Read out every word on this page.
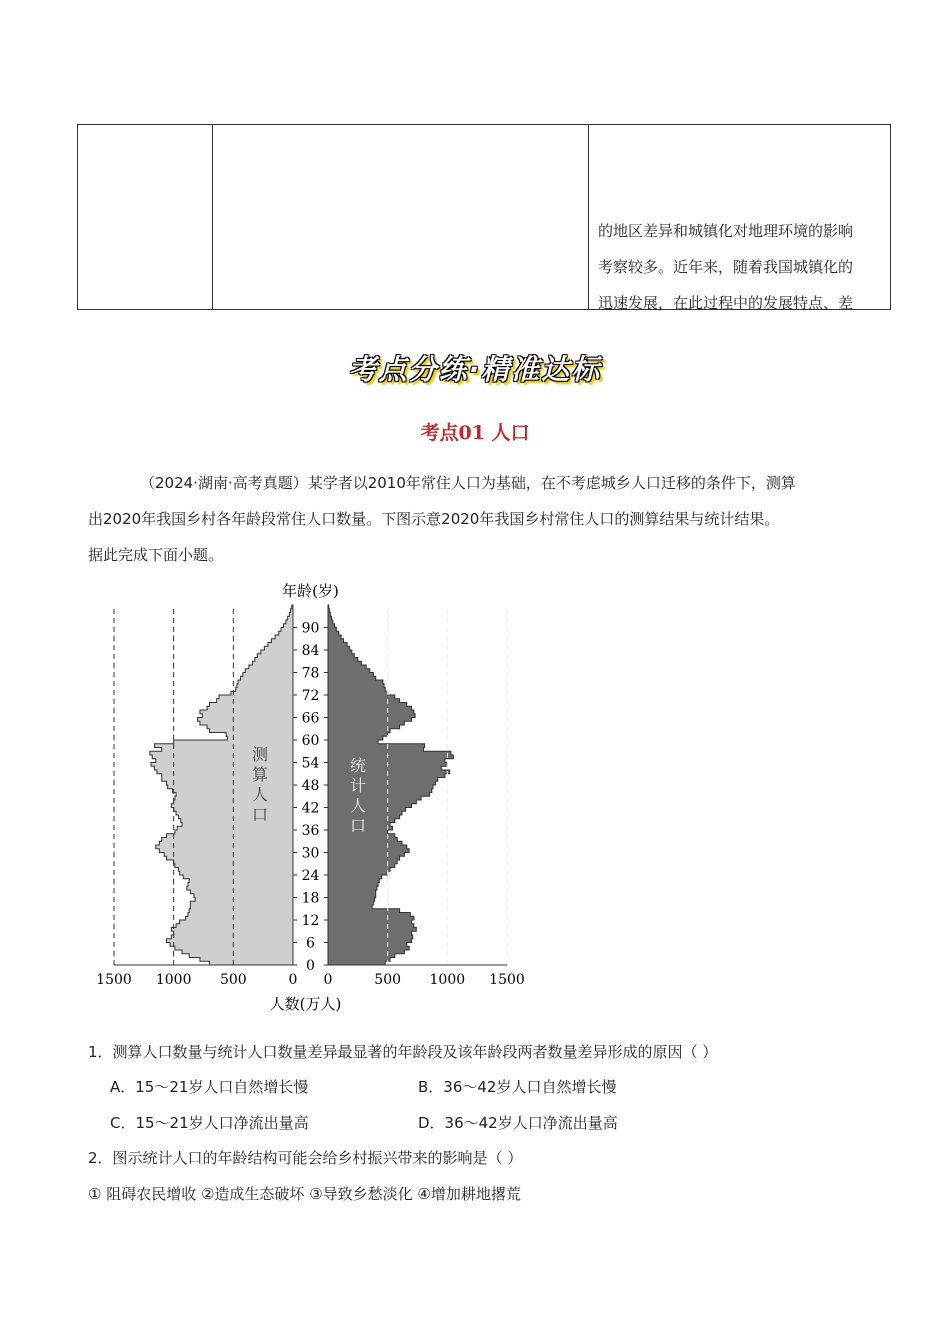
的地区差异和城镇化对地理环境的影响
考察较多。近年来，随着我国城镇化的
迅速发展，在此过程中的发展特点、差
考点分练·精准达标
考点01 人口

（2024·湖南·高考真题）某学者以2010年常住人口为基础，在不考虑城乡人口迁移的条件下，测算

出2020年我国乡村各年龄段常住人口数量。下图示意2020年我国乡村常住人口的测算结果与统计结果。

据此完成下面小题。

0
6
12
18
24
30
36
42
48
54
60
66
72
78
84
90
1500 1000 500	0 0	500 1000 1500
年龄(岁)
人数(万人)
测
算
人
口
统
计
人
口
1．测算人口数量与统计人口数量差异最显著的年龄段及该年龄段两者数量差异形成的原因（ ）
A．15～21岁人口自然增长慢	B．36～42岁人口自然增长慢
C．15～21岁人口净流出量高	D．36～42岁人口净流出量高
2．图示统计人口的年龄结构可能会给乡村振兴带来的影响是（ ）
① 阻碍农民增收 ②造成生态破坏 ③导致乡愁淡化 ④增加耕地撂荒
